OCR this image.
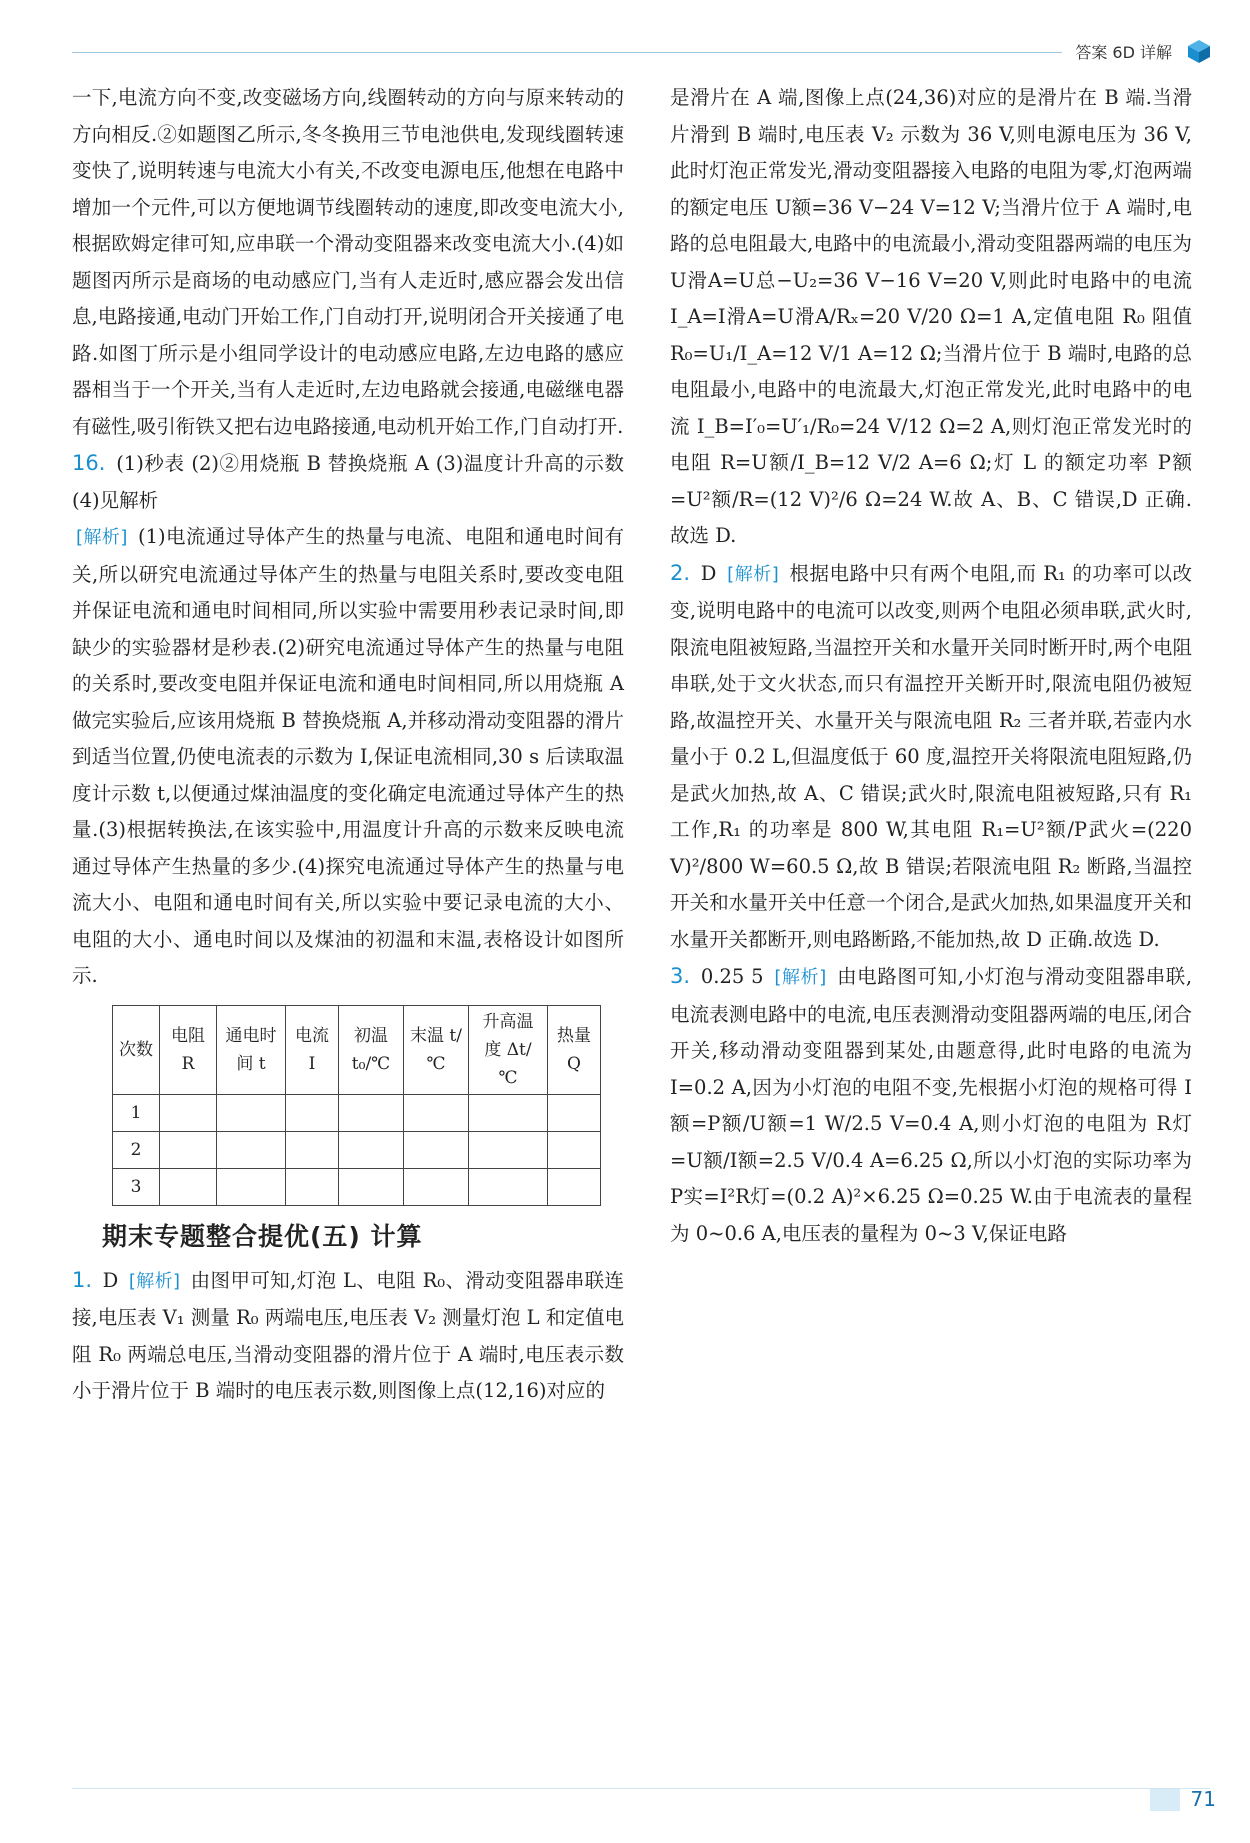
答案 6D 详解

一下,电流方向不变,改变磁场方向,线圈转动的方向与原来转动的方向相反.②如题图乙所示,冬冬换用三节电池供电,发现线圈转速变快了,说明转速与电流大小有关,不改变电源电压,他想在电路中增加一个元件,可以方便地调节线圈转动的速度,即改变电流大小,根据欧姆定律可知,应串联一个滑动变阻器来改变电流大小.(4)如题图丙所示是商场的电动感应门,当有人走近时,感应器会发出信息,电路接通,电动门开始工作,门自动打开,说明闭合开关接通了电路.如图丁所示是小组同学设计的电动感应电路,左边电路的感应器相当于一个开关,当有人走近时,左边电路就会接通,电磁继电器有磁性,吸引衔铁又把右边电路接通,电动机开始工作,门自动打开.

16. (1)秒表 (2)②用烧瓶 B 替换烧瓶 A (3)温度计升高的示数 (4)见解析

[解析] (1)电流通过导体产生的热量与电流、电阻和通电时间有关,所以研究电流通过导体产生的热量与电阻关系时,要改变电阻并保证电流和通电时间相同,所以实验中需要用秒表记录时间,即缺少的实验器材是秒表.(2)研究电流通过导体产生的热量与电阻的关系时,要改变电阻并保证电流和通电时间相同,所以用烧瓶 A 做完实验后,应该用烧瓶 B 替换烧瓶 A,并移动滑动变阻器的滑片到适当位置,仍使电流表的示数为 I,保证电流相同,30 s 后读取温度计示数 t,以便通过煤油温度的变化确定电流通过导体产生的热量.(3)根据转换法,在该实验中,用温度计升高的示数来反映电流通过导体产生热量的多少.(4)探究电流通过导体产生的热量与电流大小、电阻和通电时间有关,所以实验中要记录电流的大小、电阻的大小、通电时间以及煤油的初温和末温,表格设计如图所示.

次数	电阻 R	通电时间 t	电流 I	初温 t₀/℃	末温 t/℃	升高温度 Δt/℃	热量 Q
1							
2							
3							
期末专题整合提优(五) 计算

1. D [解析] 由图甲可知,灯泡 L、电阻 R₀、滑动变阻器串联连接,电压表 V₁ 测量 R₀ 两端电压,电压表 V₂ 测量灯泡 L 和定值电阻 R₀ 两端总电压,当滑动变阻器的滑片位于 A 端时,电压表示数小于滑片位于 B 端时的电压表示数,则图像上点(12,16)对应的

是滑片在 A 端,图像上点(24,36)对应的是滑片在 B 端.当滑片滑到 B 端时,电压表 V₂ 示数为 36 V,则电源电压为 36 V,此时灯泡正常发光,滑动变阻器接入电路的电阻为零,灯泡两端的额定电压 U额=36 V−24 V=12 V;当滑片位于 A 端时,电路的总电阻最大,电路中的电流最小,滑动变阻器两端的电压为 U滑A=U总−U₂=36 V−16 V=20 V,则此时电路中的电流 I_A=I滑A=U滑A/Rₓ=20 V/20 Ω=1 A,定值电阻 R₀ 阻值 R₀=U₁/I_A=12 V/1 A=12 Ω;当滑片位于 B 端时,电路的总电阻最小,电路中的电流最大,灯泡正常发光,此时电路中的电流 I_B=I′₀=U′₁/R₀=24 V/12 Ω=2 A,则灯泡正常发光时的电阻 R=U额/I_B=12 V/2 A=6 Ω;灯 L 的额定功率 P额=U²额/R=(12 V)²/6 Ω=24 W.故 A、B、C 错误,D 正确.故选 D.

2. D [解析] 根据电路中只有两个电阻,而 R₁ 的功率可以改变,说明电路中的电流可以改变,则两个电阻必须串联,武火时,限流电阻被短路,当温控开关和水量开关同时断开时,两个电阻串联,处于文火状态,而只有温控开关断开时,限流电阻仍被短路,故温控开关、水量开关与限流电阻 R₂ 三者并联,若壶内水量小于 0.2 L,但温度低于 60 度,温控开关将限流电阻短路,仍是武火加热,故 A、C 错误;武火时,限流电阻被短路,只有 R₁ 工作,R₁ 的功率是 800 W,其电阻 R₁=U²额/P武火=(220 V)²/800 W=60.5 Ω,故 B 错误;若限流电阻 R₂ 断路,当温控开关和水量开关中任意一个闭合,是武火加热,如果温度开关和水量开关都断开,则电路断路,不能加热,故 D 正确.故选 D.

3. 0.25 5 [解析] 由电路图可知,小灯泡与滑动变阻器串联,电流表测电路中的电流,电压表测滑动变阻器两端的电压,闭合开关,移动滑动变阻器到某处,由题意得,此时电路的电流为 I=0.2 A,因为小灯泡的电阻不变,先根据小灯泡的规格可得 I额=P额/U额=1 W/2.5 V=0.4 A,则小灯泡的电阻为 R灯=U额/I额=2.5 V/0.4 A=6.25 Ω,所以小灯泡的实际功率为 P实=I²R灯=(0.2 A)²×6.25 Ω=0.25 W.由于电流表的量程为 0~0.6 A,电压表的量程为 0~3 V,保证电路

71
